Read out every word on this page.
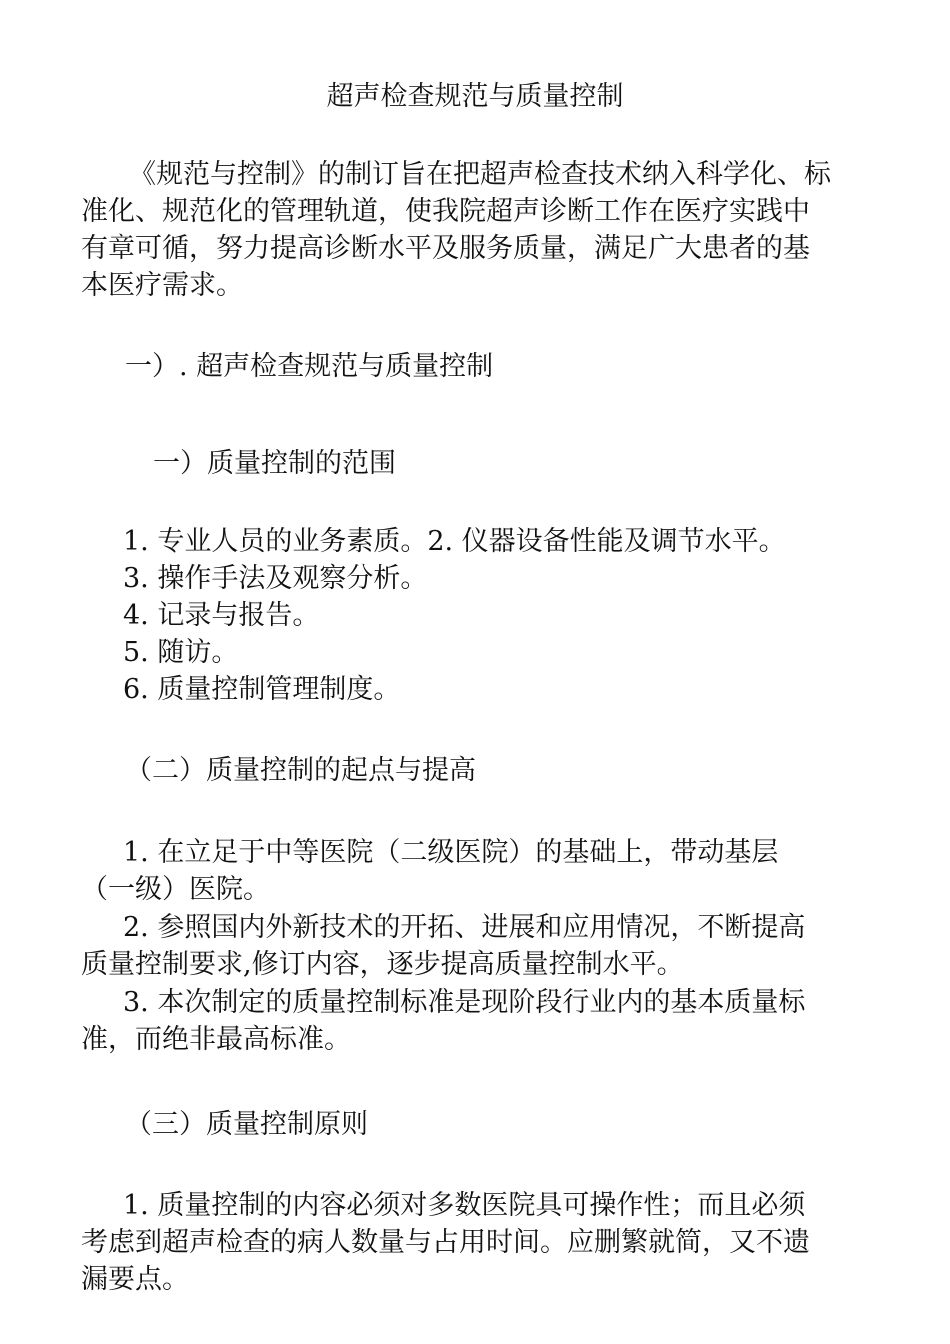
超声检查规范与质量控制
《规范与控制》的制订旨在把超声检查技术纳入科学化、标
准化、规范化的管理轨道，使我院超声诊断工作在医疗实践中
有章可循，努力提高诊断水平及服务质量，满足广大患者的基
本医疗需求。
一）. 超声检查规范与质量控制
一）质量控制的范围
1. 专业人员的业务素质。2. 仪器设备性能及调节水平。
3. 操作手法及观察分析。
4. 记录与报告。
5. 随访。
6. 质量控制管理制度。
（二）质量控制的起点与提高
1. 在立足于中等医院（二级医院）的基础上，带动基层
（一级）医院。
2. 参照国内外新技术的开拓、进展和应用情况，不断提高
质量控制要求,修订内容，逐步提高质量控制水平。
3. 本次制定的质量控制标准是现阶段行业内的基本质量标
准，而绝非最高标准。
（三）质量控制原则
1. 质量控制的内容必须对多数医院具可操作性；而且必须
考虑到超声检查的病人数量与占用时间。应删繁就简，又不遗
漏要点。
